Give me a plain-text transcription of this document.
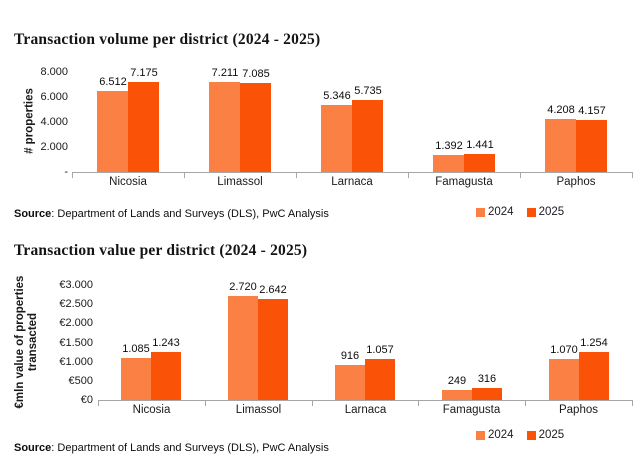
Transaction volume per district (2024 - 2025)
# properties
8.000
6.000
4.000
2.000
-
6.512
7.175
Nicosia
7.211 7.085
Limassol
5.346 5.735
Larnaca
1.392 1.441
Famagusta
4.208 4.157
Paphos
Source: Department of Lands and Surveys (DLS), PwC Analysis	2024 2025
Transaction value per district (2024 - 2025)
€mln value of properties transacted
€3.000
€2.500
€2.000
€1.500
€1.000
€500
€0
1.085 1.243
Nicosia
2.720 2.642
Limassol
916 1.057
Larnaca
249	316
Famagusta
1.070
1.254
Paphos
Source: Department of Lands and Surveys (DLS), PwC Analysis
2024 2025
